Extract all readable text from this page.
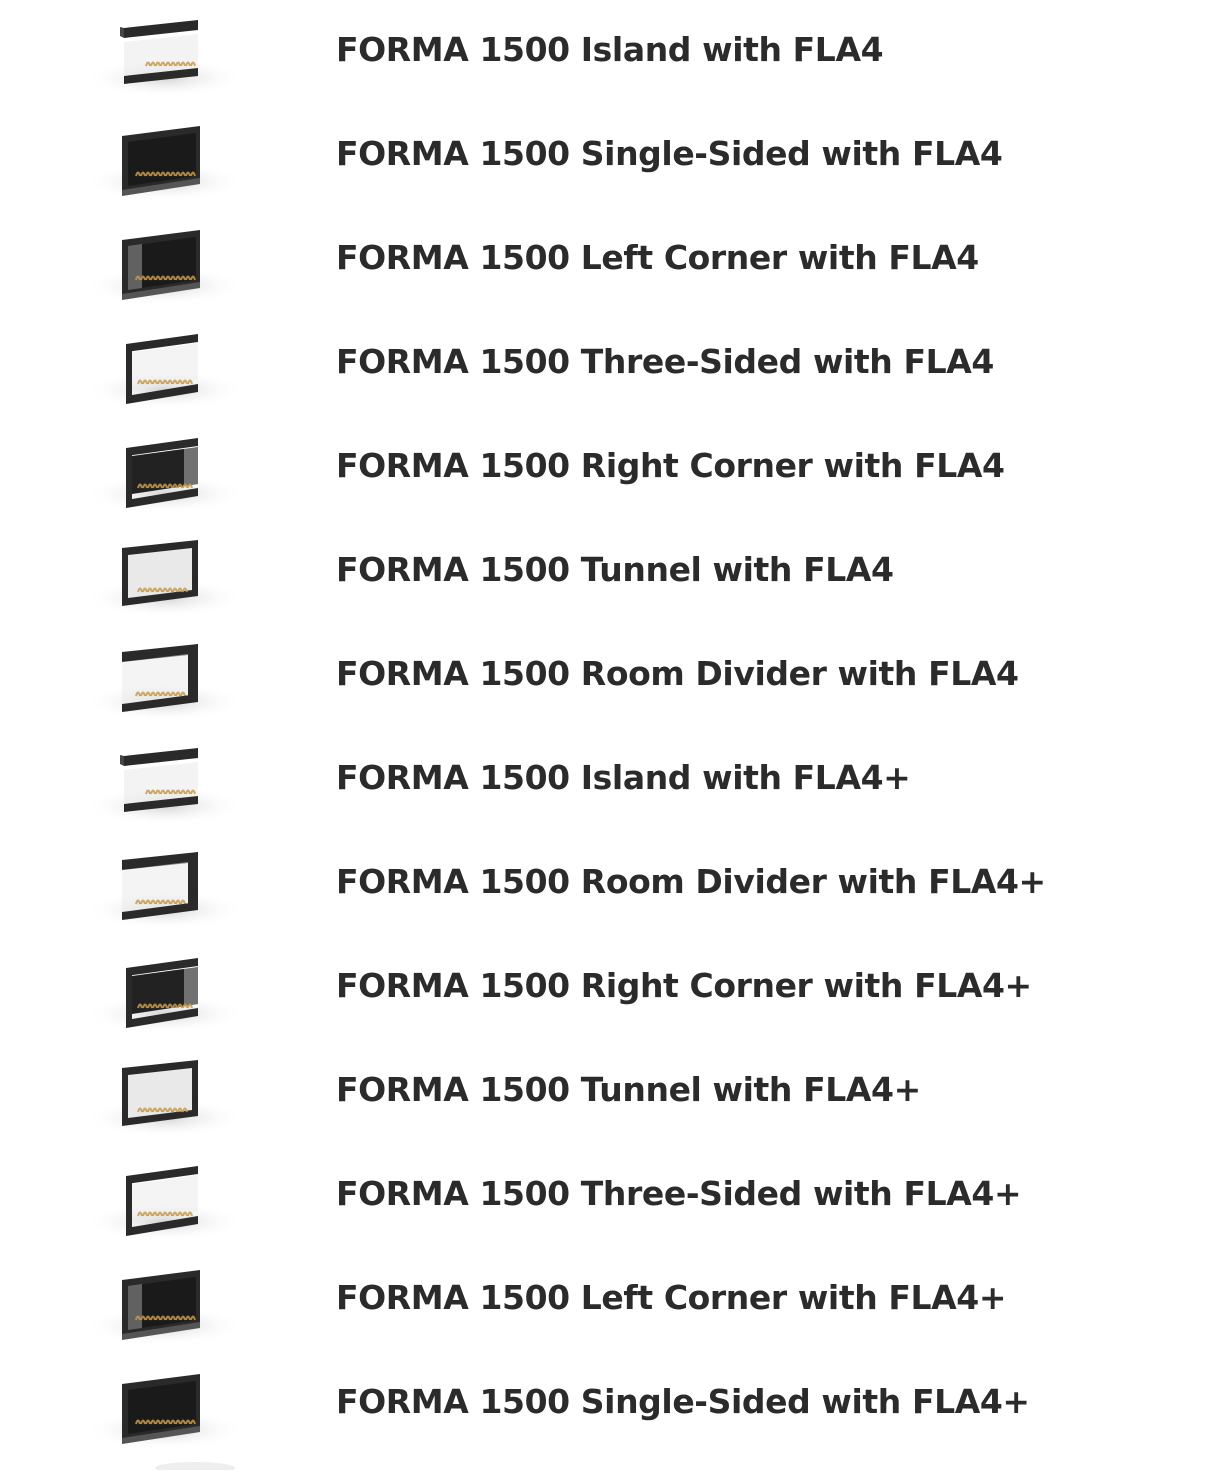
FORMA 1500 Island with FLA4
FORMA 1500 Single-Sided with FLA4
FORMA 1500 Left Corner with FLA4
FORMA 1500 Three-Sided with FLA4
FORMA 1500 Right Corner with FLA4
FORMA 1500 Tunnel with FLA4
FORMA 1500 Room Divider with FLA4
FORMA 1500 Island with FLA4+
FORMA 1500 Room Divider with FLA4+
FORMA 1500 Right Corner with FLA4+
FORMA 1500 Tunnel with FLA4+
FORMA 1500 Three-Sided with FLA4+
FORMA 1500 Left Corner with FLA4+
FORMA 1500 Single-Sided with FLA4+
